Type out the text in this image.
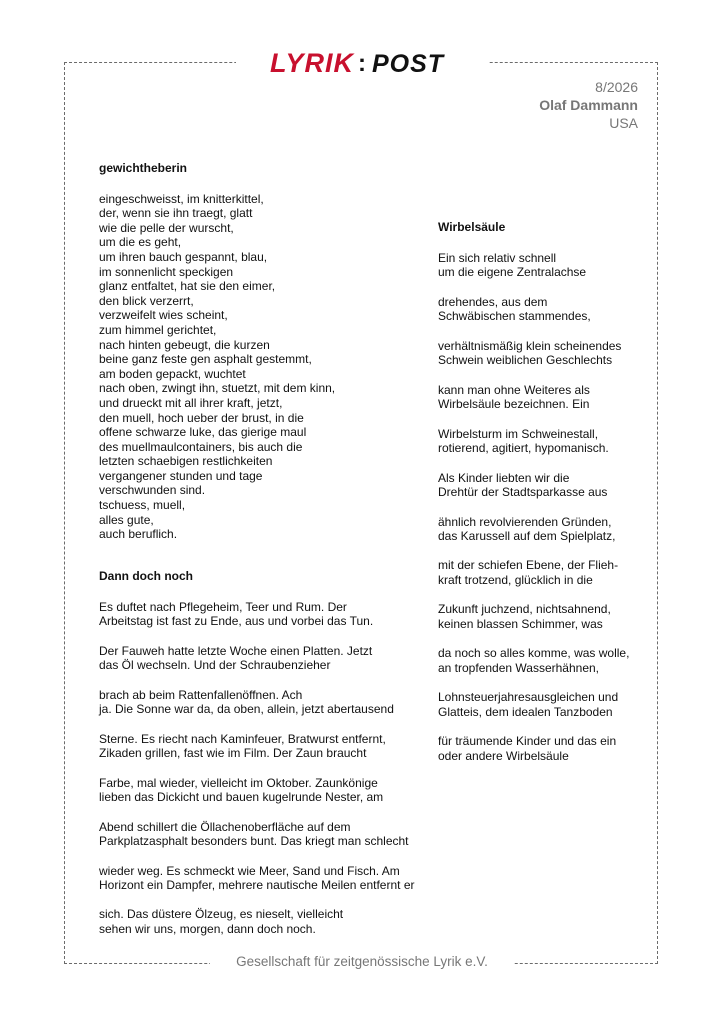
LYRIK : POST
8/2026
Olaf Dammann
USA
gewichtheberin
eingeschweisst, im knitterkittel,
der, wenn sie ihn traegt, glatt
wie die pelle der wurscht,
um die es geht,
um ihren bauch gespannt, blau,
im sonnenlicht speckigen
glanz entfaltet, hat sie den eimer,
den blick verzerrt,
verzweifelt wies scheint,
zum himmel gerichtet,
nach hinten gebeugt, die kurzen
beine ganz feste gen asphalt gestemmt,
am boden gepackt, wuchtet
nach oben, zwingt ihn, stuetzt, mit dem kinn,
und drueckt mit all ihrer kraft, jetzt,
den muell, hoch ueber der brust, in die
offene schwarze luke, das gierige maul
des muellmaulcontainers, bis auch die
letzten schaebigen restlichkeiten
vergangener stunden und tage
verschwunden sind.
tschuess, muell,
alles gute,
auch beruflich.
Dann doch noch
Es duftet nach Pflegeheim, Teer und Rum. Der
Arbeitstag ist fast zu Ende, aus und vorbei das Tun.
Der Fauweh hatte letzte Woche einen Platten. Jetzt
das Öl wechseln. Und der Schraubenzieher
brach ab beim Rattenfallenöffnen. Ach
ja. Die Sonne war da, da oben, allein, jetzt abertausend
Sterne. Es riecht nach Kaminfeuer, Bratwurst entfernt,
Zikaden grillen, fast wie im Film. Der Zaun braucht
Farbe, mal wieder, vielleicht im Oktober. Zaunkönige
lieben das Dickicht und bauen kugelrunde Nester, am
Abend schillert die Öllachenoberfläche auf dem
Parkplatzasphalt besonders bunt. Das kriegt man schlecht
wieder weg. Es schmeckt wie Meer, Sand und Fisch. Am
Horizont ein Dampfer, mehrere nautische Meilen entfernt er
sich. Das düstere Ölzeug, es nieselt, vielleicht
sehen wir uns, morgen, dann doch noch.
Wirbelsäule
Ein sich relativ schnell
um die eigene Zentralachse
drehendes, aus dem
Schwäbischen stammendes,
verhältnismäßig klein scheinendes
Schwein weiblichen Geschlechts
kann man ohne Weiteres als
Wirbelsäule bezeichnen. Ein
Wirbelsturm im Schweinestall,
rotierend, agitiert, hypomanisch.
Als Kinder liebten wir die
Drehtür der Stadtsparkasse aus
ähnlich revolvierenden Gründen,
das Karussell auf dem Spielplatz,
mit der schiefen Ebene, der Flieh-
kraft trotzend, glücklich in die
Zukunft juchzend, nichtsahnend,
keinen blassen Schimmer, was
da noch so alles komme, was wolle,
an tropfenden Wasserhähnen,
Lohnsteuerjahresausgleichen und
Glatteis, dem idealen Tanzboden
für träumende Kinder und das ein
oder andere Wirbelsäule
Gesellschaft für zeitgenössische Lyrik e.V.
